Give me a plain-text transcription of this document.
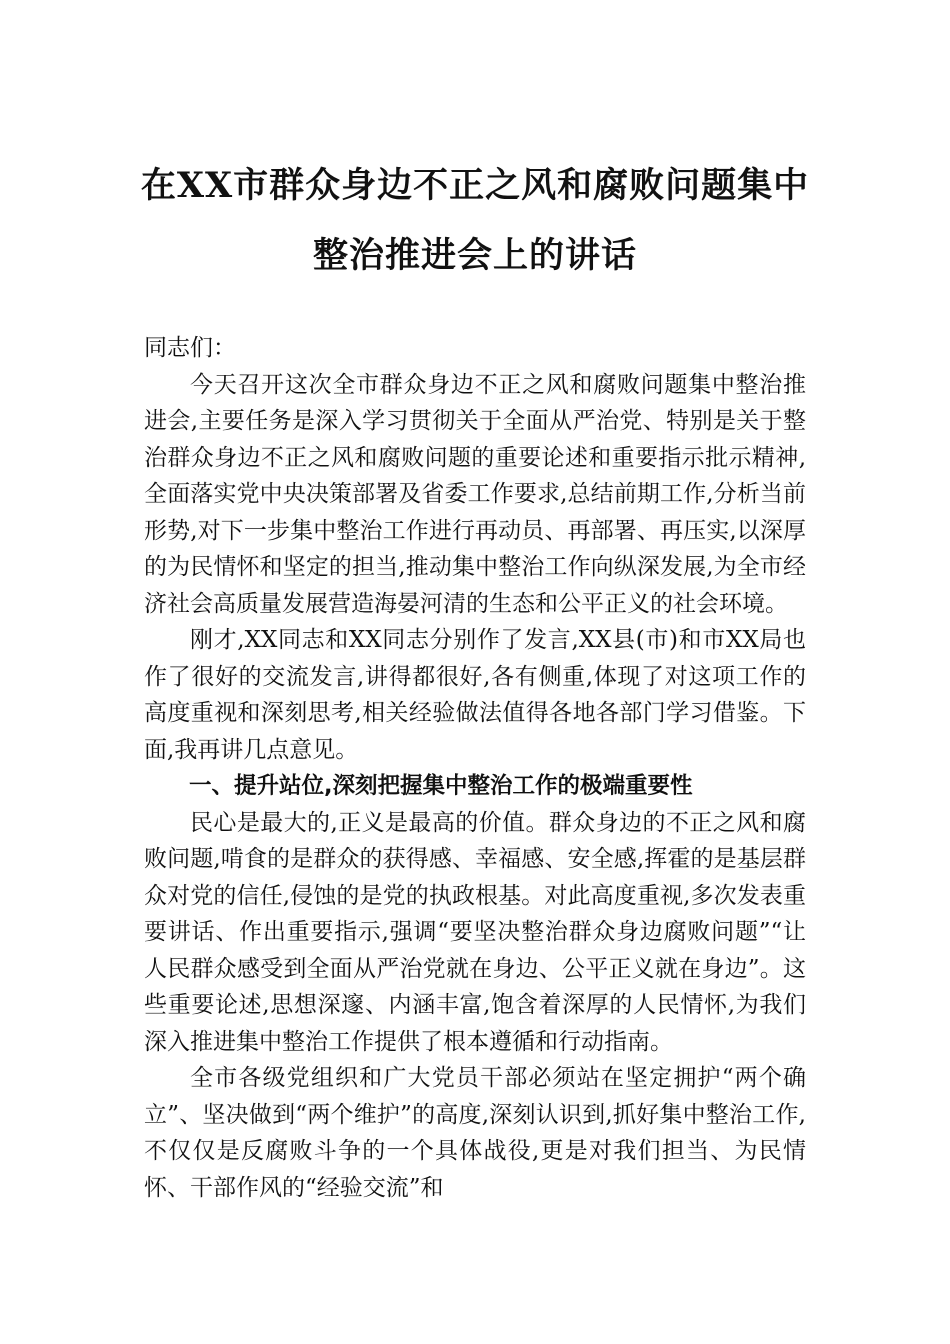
在XX市群众身边不正之风和腐败问题集中
整治推进会上的讲话

同志们：

今天召开这次全市群众身边不正之风和腐败问题集中整治推进会,主要任务是深入学习贯彻关于全面从严治党、特别是关于整治群众身边不正之风和腐败问题的重要论述和重要指示批示精神,全面落实党中央决策部署及省委工作要求,总结前期工作,分析当前形势,对下一步集中整治工作进行再动员、再部署、再压实,以深厚的为民情怀和坚定的担当,推动集中整治工作向纵深发展,为全市经济社会高质量发展营造海晏河清的生态和公平正义的社会环境。

刚才,XX同志和XX同志分别作了发言,XX县(市)和市XX局也作了很好的交流发言,讲得都很好,各有侧重,体现了对这项工作的高度重视和深刻思考,相关经验做法值得各地各部门学习借鉴。下面,我再讲几点意见。

一、提升站位,深刻把握集中整治工作的极端重要性

民心是最大的,正义是最高的价值。群众身边的不正之风和腐败问题,啃食的是群众的获得感、幸福感、安全感,挥霍的是基层群众对党的信任,侵蚀的是党的执政根基。对此高度重视,多次发表重要讲话、作出重要指示,强调“要坚决整治群众身边腐败问题”“让人民群众感受到全面从严治党就在身边、公平正义就在身边”。这些重要论述,思想深邃、内涵丰富,饱含着深厚的人民情怀,为我们深入推进集中整治工作提供了根本遵循和行动指南。

全市各级党组织和广大党员干部必须站在坚定拥护“两个确立”、坚决做到“两个维护”的高度,深刻认识到,抓好集中整治工作,不仅仅是反腐败斗争的一个具体战役,更是对我们担当、为民情怀、干部作风的“经验交流”和
